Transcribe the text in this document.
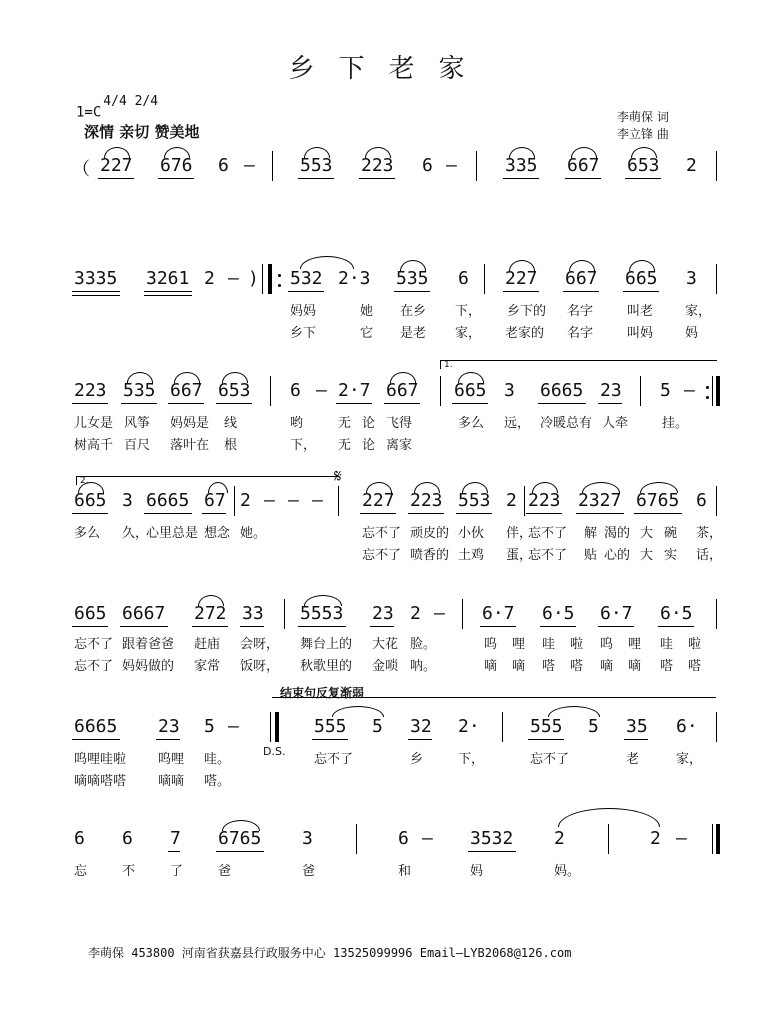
乡下老家
$1=C^{4/4 2/4}$
深情 亲切 赞美地
李萌保 词
李立锋 曲
（ 227 676 6 –	553 223 6 –	335 667 653 2
3335 3261 2 – ) 532 2·3 535 6 227 667 665 3
妈妈	她 在乡 下， 乡下的 名字	叫老 家，
乡下	它 是老 家， 老家的 名字	叫妈 妈
1.
223 535 667 653 6 – 2·7 667 665 3 6665 23 5 –
儿女是 风筝 妈妈是 线	哟	无 论 飞得	多么 远， 冷暖总有 人牵	挂。
树高千 百尺 落叶在 根	下， 无 论 离家
2.	𝄋
665 3 6665 67 2 – – – 227 223 553 2 223 2327 6765 6
多么 久，
心里总是 想念 她。	忘不了 顽皮的 小伙 伴，
忘不了 解 渴的 大 碗 茶，
忘不了 喷香的 土鸡 蛋，
忘不了 贴 心的 大 实 话，
665 6667 272 33 5553 23 2 – 6·7 6·5 6·7 6·5
忘不了 跟着爸爸 赶庙 会呀， 舞台上的 大花 脸。	呜 哩 哇 啦 呜 哩 哇 啦
忘不了 妈妈做的 家常 饭呀， 秋歌里的 金唢 呐。	嘀 嘀 嗒 嗒 嘀 嘀 嗒 嗒
结束句反复渐弱
D.S.
6665 23 5 –	555 5 32 2·	555 5 35 6·
呜哩哇啦 呜哩 哇。	忘不了	乡	下，	忘不了	老	家，
嘀嘀嗒嗒 嘀嘀 嗒。
6 6 7 6765 3	6 – 3532 2	2 –
忘	不	了	爸	爸	和	妈	妈。
李萌保 453800 河南省获嘉县行政服务中心 13525099996 Email—LYB2068@126.com
